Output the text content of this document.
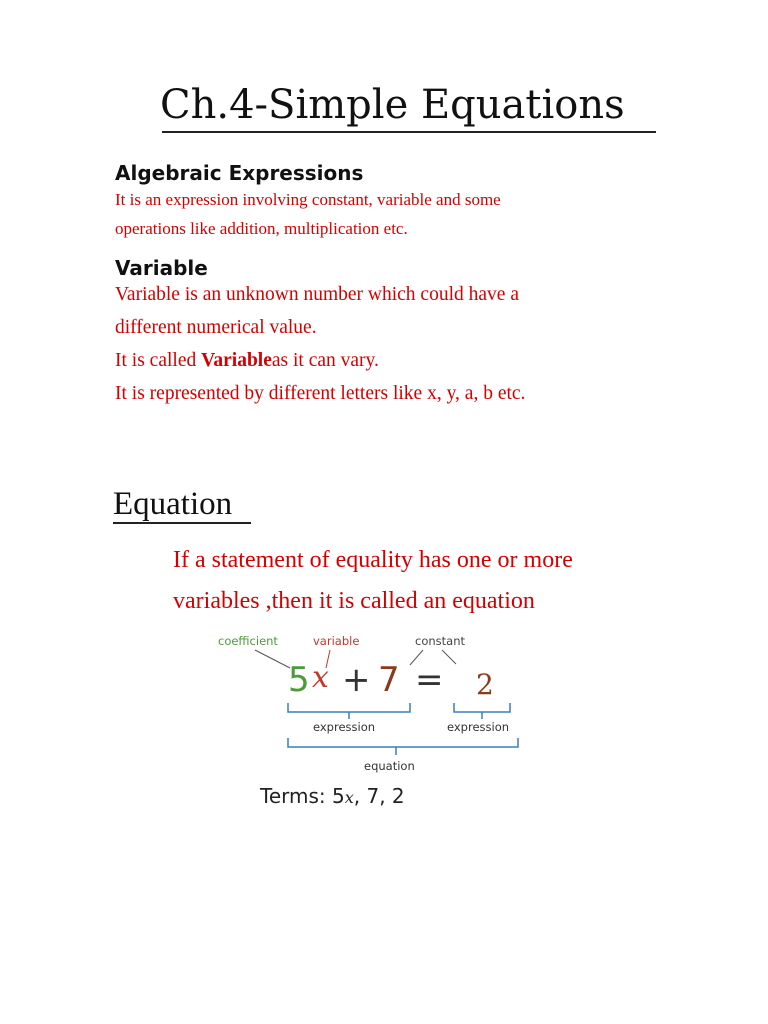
Ch.4-Simple Equations
Algebraic Expressions
It is an expression involving constant, variable and some
operations like addition, multiplication etc.
Variable
Variable is an unknown number which could have a
different numerical value.
It is called Variableas it can vary.
It is represented by different letters like x, y, a, b etc.
Equation
If a statement of equality has one or more
variables ,then it is called an equation
coefficient	variable	constant
5 x + 7 = 2
expression	expression
equation
Terms: 5x, 7, 2
